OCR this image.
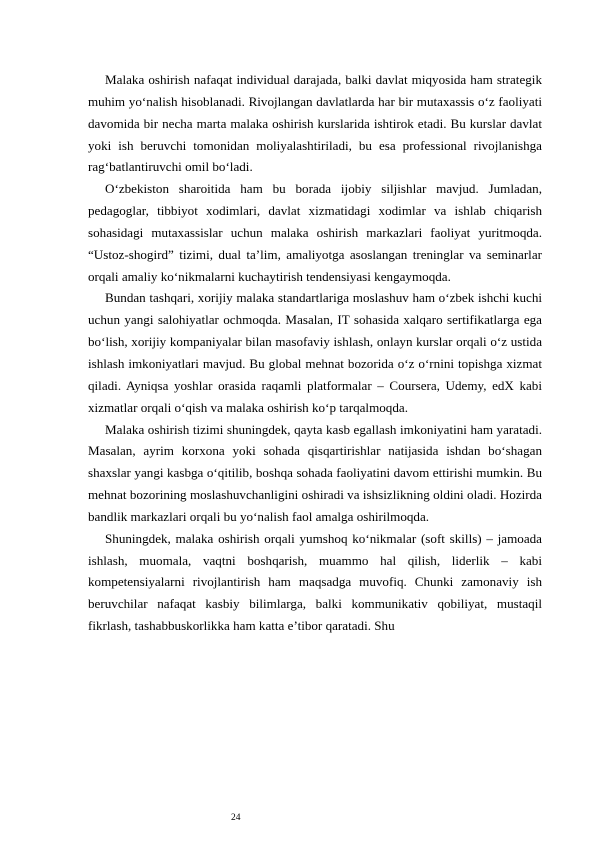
Malaka oshirish nafaqat individual darajada, balki davlat miqyosida ham strategik muhim yo‘nalish hisoblanadi. Rivojlangan davlatlarda har bir mutaxassis o‘z faoliyati davomida bir necha marta malaka oshirish kurslarida ishtirok etadi. Bu kurslar davlat yoki ish beruvchi tomonidan moliyalashtiriladi, bu esa professional rivojlanishga rag‘batlantiruvchi omil bo‘ladi.

O‘zbekiston sharoitida ham bu borada ijobiy siljishlar mavjud. Jumladan, pedagoglar, tibbiyot xodimlari, davlat xizmatidagi xodimlar va ishlab chiqarish sohasidagi mutaxassislar uchun malaka oshirish markazlari faoliyat yuritmoqda. “Ustoz-shogird” tizimi, dual ta’lim, amaliyotga asoslangan treninglar va seminarlar orqali amaliy ko‘nikmalarni kuchaytirish tendensiyasi kengaymoqda.

Bundan tashqari, xorijiy malaka standartlariga moslashuv ham o‘zbek ishchi kuchi uchun yangi salohiyatlar ochmoqda. Masalan, IT sohasida xalqaro sertifikatlarga ega bo‘lish, xorijiy kompaniyalar bilan masofaviy ishlash, onlayn kurslar orqali o‘z ustida ishlash imkoniyatlari mavjud. Bu global mehnat bozorida o‘z o‘rnini topishga xizmat qiladi. Ayniqsa yoshlar orasida raqamli platformalar – Coursera, Udemy, edX kabi xizmatlar orqali o‘qish va malaka oshirish ko‘p tarqalmoqda.

Malaka oshirish tizimi shuningdek, qayta kasb egallash imkoniyatini ham yaratadi. Masalan, ayrim korxona yoki sohada qisqartirishlar natijasida ishdan bo‘shagan shaxslar yangi kasbga o‘qitilib, boshqa sohada faoliyatini davom ettirishi mumkin. Bu mehnat bozorining moslashuvchanligini oshiradi va ishsizlikning oldini oladi. Hozirda bandlik markazlari orqali bu yo‘nalish faol amalga oshirilmoqda.

Shuningdek, malaka oshirish orqali yumshoq ko‘nikmalar (soft skills) – jamoada ishlash, muomala, vaqtni boshqarish, muammo hal qilish, liderlik – kabi kompetensiyalarni rivojlantirish ham maqsadga muvofiq. Chunki zamonaviy ish beruvchilar nafaqat kasbiy bilimlarga, balki kommunikativ qobiliyat, mustaqil fikrlash, tashabbuskorlikka ham katta e’tibor qaratadi. Shu

24
